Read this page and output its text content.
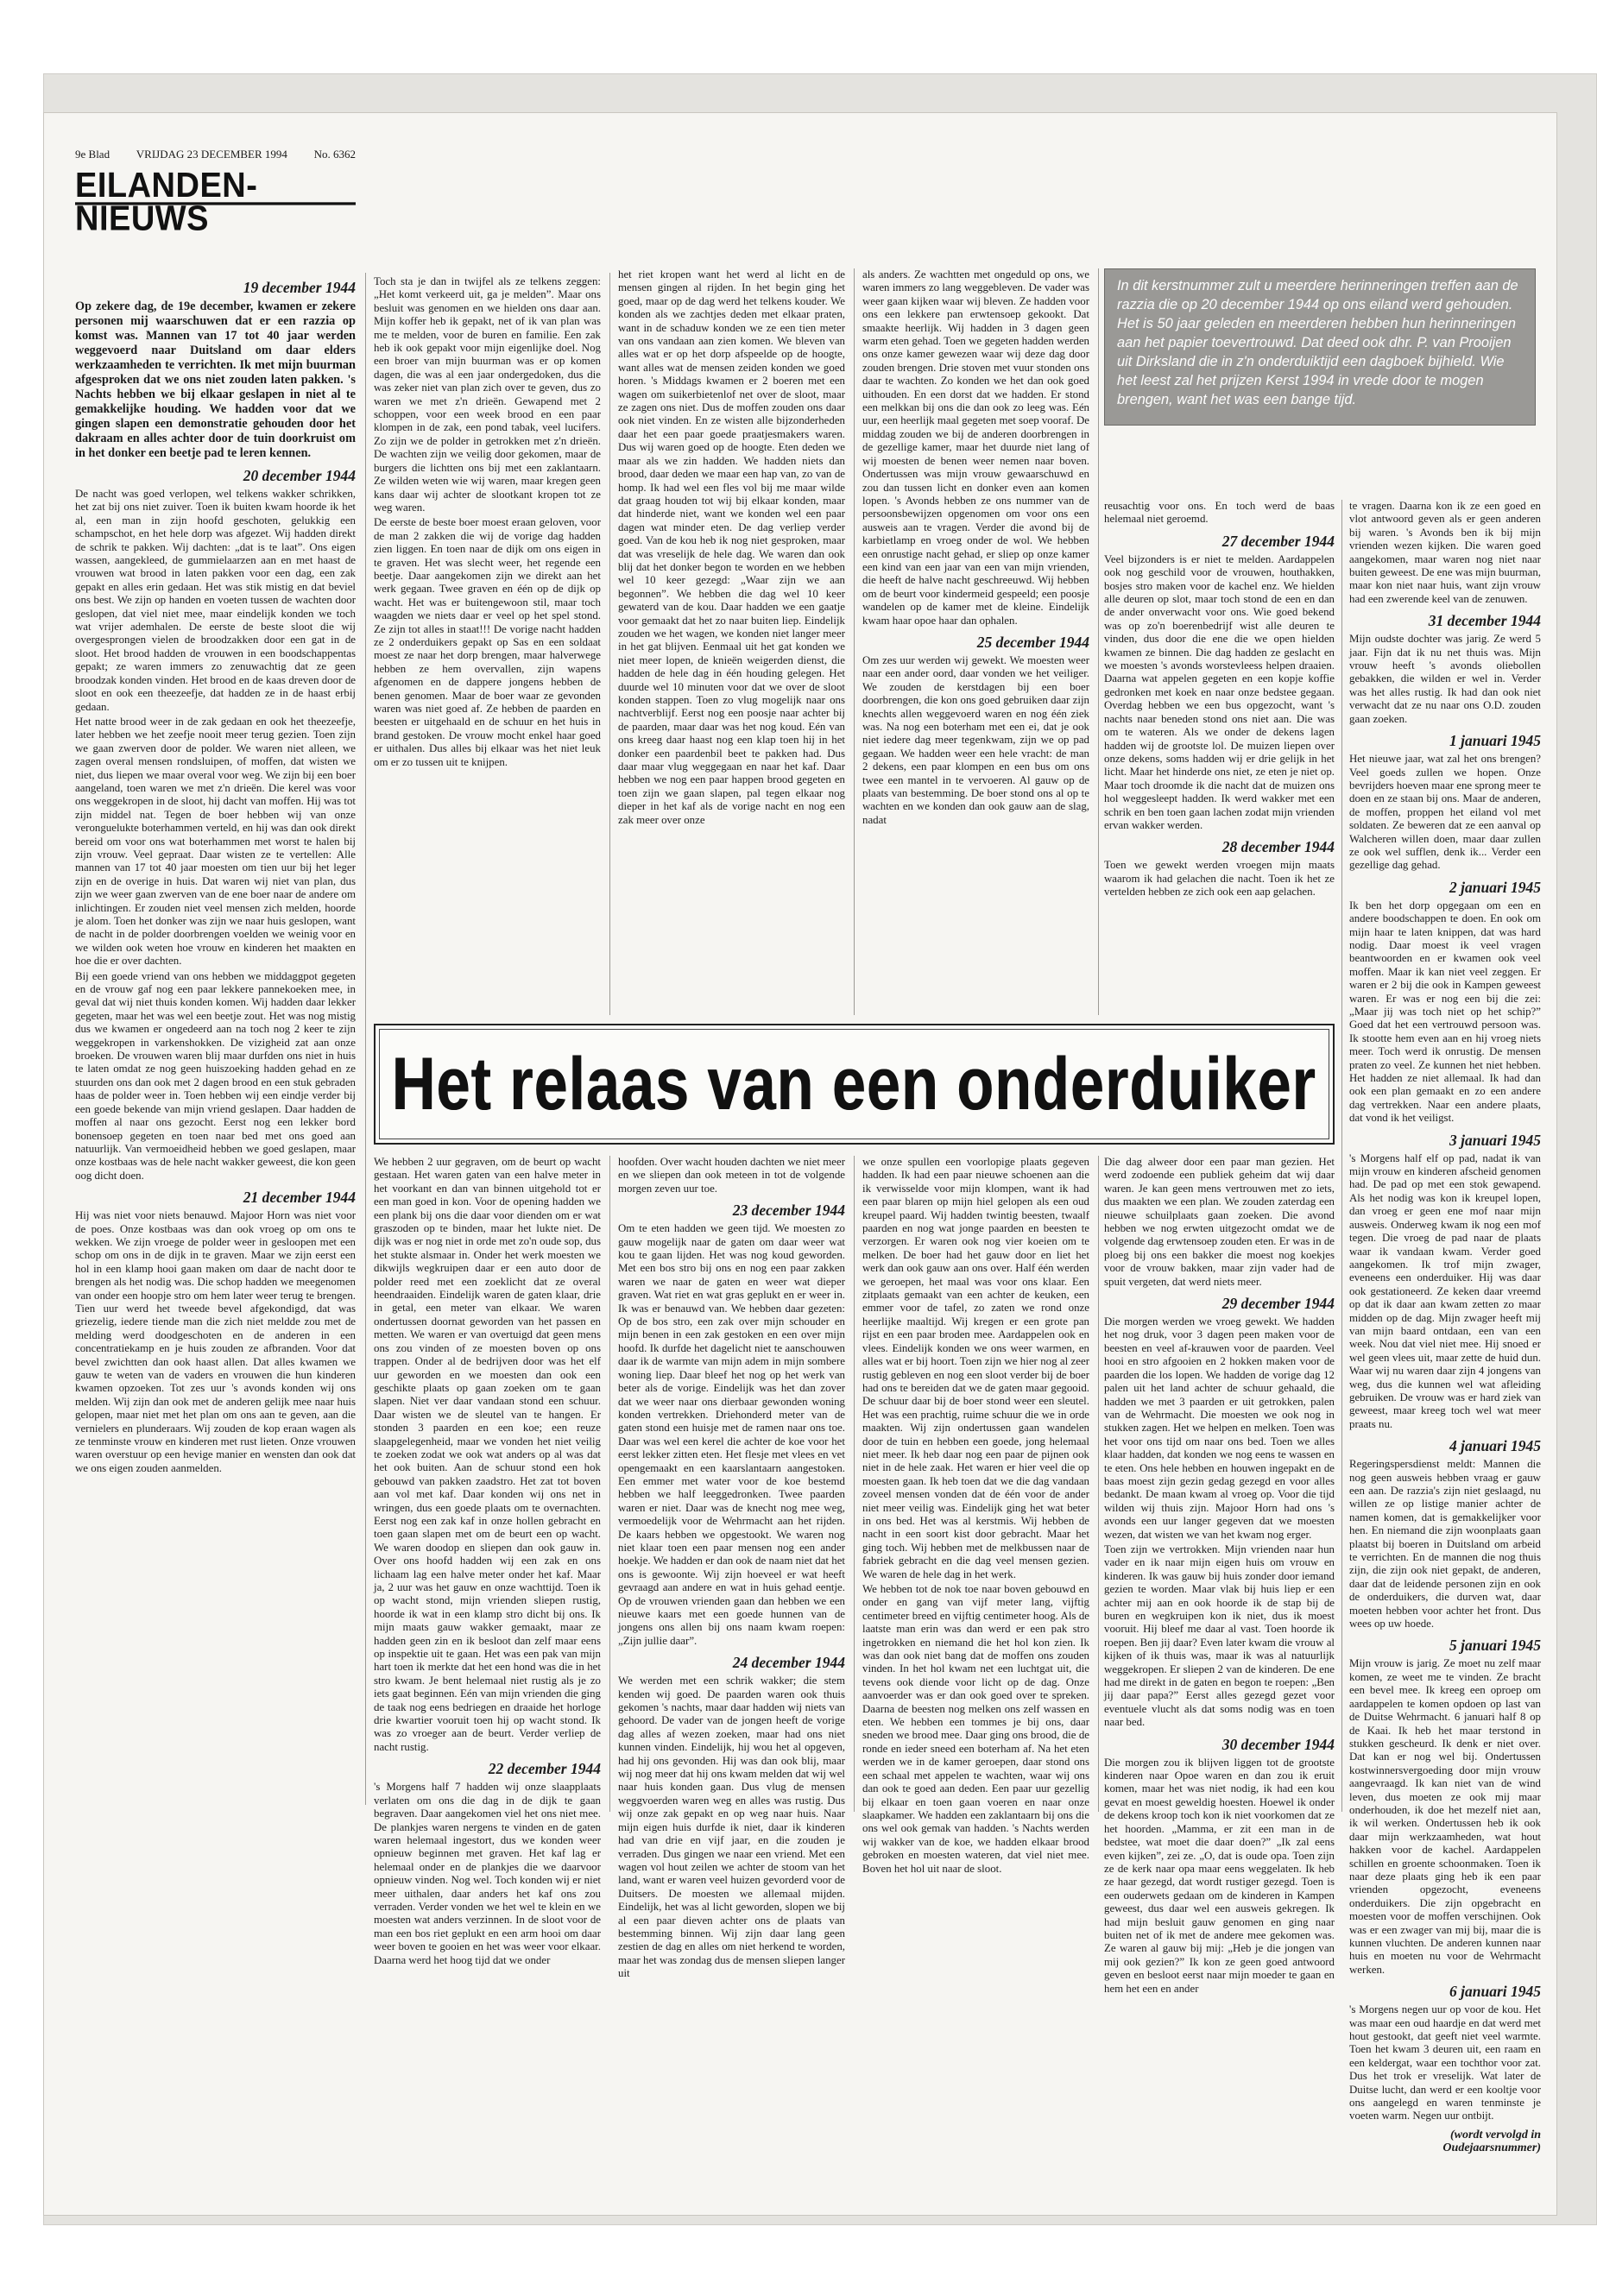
9e Blad VRIJDAG 23 DECEMBER 1994 No. 6362
EILANDEN-NIEUWS
19 december 1944

Op zekere dag, de 19e december, kwamen er zekere personen mij waarschuwen dat er een razzia op komst was. Mannen van 17 tot 40 jaar werden weggevoerd naar Duitsland om daar elders werkzaamheden te verrichten. Ik met mijn buurman afgesproken dat we ons niet zouden laten pakken. 's Nachts hebben we bij elkaar geslapen in niet al te gemakkelijke houding. We hadden voor dat we gingen slapen een demonstratie gehouden door het dakraam en alles achter door de tuin doorkruist om in het donker een beetje pad te leren kennen.

20 december 1944

De nacht was goed verlopen, wel telkens wakker schrikken, het zat bij ons niet zuiver. Toen ik buiten kwam hoorde ik het al, een man in zijn hoofd geschoten, gelukkig een schampschot, en het hele dorp was afgezet. Wij hadden direkt de schrik te pakken. Wij dachten: „dat is te laat”. Ons eigen wassen, aangekleed, de gummielaarzen aan en met haast de vrouwen wat brood in laten pakken voor een dag, een zak gepakt en alles erin gedaan. Het was stik mistig en dat beviel ons best. We zijn op handen en voeten tussen de wachten door geslopen, dat viel niet mee, maar eindelijk konden we toch wat vrijer ademhalen. De eerste de beste sloot die wij overgesprongen vielen de broodzakken door een gat in de sloot. Het brood hadden de vrouwen in een boodschappentas gepakt; ze waren immers zo zenuwachtig dat ze geen broodzak konden vinden. Het brood en de kaas dreven door de sloot en ook een theezeefje, dat hadden ze in de haast erbij gedaan.

Het natte brood weer in de zak gedaan en ook het theezeefje, later hebben we het zeefje nooit meer terug gezien. Toen zijn we gaan zwerven door de polder. We waren niet alleen, we zagen overal mensen rondsluipen, of moffen, dat wisten we niet, dus liepen we maar overal voor weg. We zijn bij een boer aangeland, toen waren we met z'n drieën. Die kerel was voor ons weggekropen in de sloot, hij dacht van moffen. Hij was tot zijn middel nat. Tegen de boer hebben wij van onze veronguelukte boterhammen verteld, en hij was dan ook direkt bereid om voor ons wat boterhammen met worst te halen bij zijn vrouw. Veel gepraat. Daar wisten ze te vertellen: Alle mannen van 17 tot 40 jaar moesten om tien uur bij het leger zijn en de overige in huis. Dat waren wij niet van plan, dus zijn we weer gaan zwerven van de ene boer naar de andere om inlichtingen. Er zouden niet veel mensen zich melden, hoorde je alom. Toen het donker was zijn we naar huis geslopen, want de nacht in de polder doorbrengen voelden we weinig voor en we wilden ook weten hoe vrouw en kinderen het maakten en hoe die er over dachten.

Bij een goede vriend van ons hebben we middaggpot gegeten en de vrouw gaf nog een paar lekkere pannekoeken mee, in geval dat wij niet thuis konden komen. Wij hadden daar lekker gegeten, maar het was wel een beetje zout. Het was nog mistig dus we kwamen er ongedeerd aan na toch nog 2 keer te zijn weggekropen in varkenshokken. De vizigheid zat aan onze broeken. De vrouwen waren blij maar durfden ons niet in huis te laten omdat ze nog geen huiszoeking hadden gehad en ze stuurden ons dan ook met 2 dagen brood en een stuk gebraden haas de polder weer in. Toen hebben wij een eindje verder bij een goede bekende van mijn vriend geslapen. Daar hadden de moffen al naar ons gezocht. Eerst nog een lekker bord bonensoep gegeten en toen naar bed met ons goed aan natuurlijk. Van vermoeidheid hebben we goed geslapen, maar onze kostbaas was de hele nacht wakker geweest, die kon geen oog dicht doen.

21 december 1944

Hij was niet voor niets benauwd. Majoor Horn was niet voor de poes. Onze kostbaas was dan ook vroeg op om ons te wekken. We zijn vroege de polder weer in gesloopen met een schop om ons in de dijk in te graven. Maar we zijn eerst een hol in een klamp hooi gaan maken om daar de nacht door te brengen als het nodig was. Die schop hadden we meegenomen van onder een hoopje stro om hem later weer terug te brengen. Tien uur werd het tweede bevel afgekondigd, dat was griezelig, iedere tiende man die zich niet meldde zou met de melding werd doodgeschoten en de anderen in een concentratiekamp en je huis zouden ze afbranden. Voor dat bevel zwichtten dan ook haast allen. Dat alles kwamen we gauw te weten van de vaders en vrouwen die hun kinderen kwamen opzoeken. Tot zes uur 's avonds konden wij ons melden. Wij zijn dan ook met de anderen gelijk mee naar huis gelopen, maar niet met het plan om ons aan te geven, aan die vernielers en plunderaars. Wij zouden de kop eraan wagen als ze tenminste vrouw en kinderen met rust lieten. Onze vrouwen waren overstuur op een hevige manier en wensten dan ook dat we ons eigen zouden aanmelden.

Toch sta je dan in twijfel als ze telkens zeggen: „Het komt verkeerd uit, ga je melden”. Maar ons besluit was genomen en we hielden ons daar aan. Mijn koffer heb ik gepakt, net of ik van plan was me te melden, voor de buren en familie. Een zak heb ik ook gepakt voor mijn eigenlijke doel. Nog een broer van mijn buurman was er op komen dagen, die was al een jaar ondergedoken, dus die was zeker niet van plan zich over te geven, dus zo waren we met z'n drieën. Gewapend met 2 schoppen, voor een week brood en een paar klompen in de zak, een pond tabak, veel lucifers. Zo zijn we de polder in getrokken met z'n drieën. De wachten zijn we veilig door gekomen, maar de burgers die lichtten ons bij met een zaklantaarn. Ze wilden weten wie wij waren, maar kregen geen kans daar wij achter de slootkant kropen tot ze weg waren.

De eerste de beste boer moest eraan geloven, voor de man 2 zakken die wij de vorige dag hadden zien liggen. En toen naar de dijk om ons eigen in te graven. Het was slecht weer, het regende een beetje. Daar aangekomen zijn we direkt aan het werk gegaan. Twee graven en één op de dijk op wacht. Het was er buitengewoon stil, maar toch waagden we niets daar er veel op het spel stond. Ze zijn tot alles in staat!!! De vorige nacht hadden ze 2 onderduikers gepakt op Sas en een soldaat moest ze naar het dorp brengen, maar halverwege hebben ze hem overvallen, zijn wapens afgenomen en de dappere jongens hebben de benen genomen. Maar de boer waar ze gevonden waren was niet goed af. Ze hebben de paarden en beesten er uitgehaald en de schuur en het huis in brand gestoken. De vrouw mocht enkel haar goed er uithalen. Dus alles bij elkaar was het niet leuk om er zo tussen uit te knijpen.

het riet kropen want het werd al licht en de mensen gingen al rijden. In het begin ging het goed, maar op de dag werd het telkens kouder. We konden als we zachtjes deden met elkaar praten, want in de schaduw konden we ze een tien meter van ons vandaan aan zien komen. We bleven van alles wat er op het dorp afspeelde op de hoogte, want alles wat de mensen zeiden konden we goed horen. 's Middags kwamen er 2 boeren met een wagen om suikerbietenlof net over de sloot, maar ze zagen ons niet. Dus de moffen zouden ons daar ook niet vinden. En ze wisten alle bijzonderheden daar het een paar goede praatjesmakers waren. Dus wij waren goed op de hoogte. Eten deden we maar als we zin hadden. We hadden niets dan brood, daar deden we maar een hap van, zo van de homp. Ik had wel een fles vol bij me maar wilde dat graag houden tot wij bij elkaar konden, maar dat hinderde niet, want we konden wel een paar dagen wat minder eten. De dag verliep verder goed. Van de kou heb ik nog niet gesproken, maar dat was vreselijk de hele dag. We waren dan ook blij dat het donker begon te worden en we hebben wel 10 keer gezegd: „Waar zijn we aan begonnen”. We hebben die dag wel 10 keer gewaterd van de kou. Daar hadden we een gaatje voor gemaakt dat het zo naar buiten liep. Eindelijk zouden we het wagen, we konden niet langer meer in het gat blijven. Eenmaal uit het gat konden we niet meer lopen, de knieën weigerden dienst, die hadden de hele dag in één houding gelegen. Het duurde wel 10 minuten voor dat we over de sloot konden stappen. Toen zo vlug mogelijk naar ons nachtverblijf. Eerst nog een poosje naar achter bij de paarden, maar daar was het nog koud. Eén van ons kreeg daar haast nog een klap toen hij in het donker een paardenbil beet te pakken had. Dus daar maar vlug weggegaan en naar het kaf. Daar hebben we nog een paar happen brood gegeten en toen zijn we gaan slapen, pal tegen elkaar nog dieper in het kaf als de vorige nacht en nog een zak meer over onze

als anders. Ze wachtten met ongeduld op ons, we waren immers zo lang weggebleven. De vader was weer gaan kijken waar wij bleven. Ze hadden voor ons een lekkere pan erwtensoep gekookt. Dat smaakte heerlijk. Wij hadden in 3 dagen geen warm eten gehad. Toen we gegeten hadden werden ons onze kamer gewezen waar wij deze dag door zouden brengen. Drie stoven met vuur stonden ons daar te wachten. Zo konden we het dan ook goed uithouden. En een dorst dat we hadden. Er stond een melkkan bij ons die dan ook zo leeg was. Eén uur, een heerlijk maal gegeten met soep vooraf. De middag zouden we bij de anderen doorbrengen in de gezellige kamer, maar het duurde niet lang of wij moesten de benen weer nemen naar boven. Ondertussen was mijn vrouw gewaarschuwd en zou dan tussen licht en donker even aan komen lopen. 's Avonds hebben ze ons nummer van de persoonsbewijzen opgenomen om voor ons een ausweis aan te vragen. Verder die avond bij de karbietlamp en vroeg onder de wol. We hebben een onrustige nacht gehad, er sliep op onze kamer een kind van een jaar van een van mijn vrienden, die heeft de halve nacht geschreeuwd. Wij hebben om de beurt voor kindermeid gespeeld; een poosje wandelen op de kamer met de kleine. Eindelijk kwam haar opoe haar dan ophalen.

25 december 1944

Om zes uur werden wij gewekt. We moesten weer naar een ander oord, daar vonden we het veiliger. We zouden de kerstdagen bij een boer doorbrengen, die kon ons goed gebruiken daar zijn knechts allen weggevoerd waren en nog één ziek was. Na nog een boterham met een ei, dat je ook niet iedere dag meer tegenkwam, zijn we op pad gegaan. We hadden weer een hele vracht: de man 2 dekens, een paar klompen en een bus om ons twee een mantel in te vervoeren. Al gauw op de plaats van bestemming. De boer stond ons al op te wachten en we konden dan ook gauw aan de slag, nadat

In dit kerstnummer zult u meerdere herinneringen treffen aan de razzia die op 20 december 1944 op ons eiland werd gehouden. Het is 50 jaar geleden en meerderen hebben hun herinneringen aan het papier toevertrouwd. Dat deed ook dhr. P. van Prooijen uit Dirksland die in z'n onderduiktijd een dagboek bijhield. Wie het leest zal het prijzen Kerst 1994 in vrede door te mogen brengen, want het was een bange tijd.

reusachtig voor ons. En toch werd de baas helemaal niet geroemd.

27 december 1944

Veel bijzonders is er niet te melden. Aardappelen ook nog geschild voor de vrouwen, houthakken, bosjes stro maken voor de kachel enz. We hielden alle deuren op slot, maar toch stond de een en dan de ander onverwacht voor ons. Wie goed bekend was op zo'n boerenbedrijf wist alle deuren te vinden, dus door die ene die we open hielden kwamen ze binnen. Die dag hadden ze geslacht en we moesten 's avonds worstevleess helpen draaien. Daarna wat appelen gegeten en een kopje koffie gedronken met koek en naar onze bedstee gegaan. Overdag hebben we een bus opgezocht, want 's nachts naar beneden stond ons niet aan. Die was om te wateren. Als we onder de dekens lagen hadden wij de grootste lol. De muizen liepen over onze dekens, soms hadden wij er drie gelijk in het licht. Maar het hinderde ons niet, ze eten je niet op. Maar toch droomde ik die nacht dat de muizen ons hol weggesleept hadden. Ik werd wakker met een schrik en ben toen gaan lachen zodat mijn vrienden ervan wakker werden.

28 december 1944

Toen we gewekt werden vroegen mijn maats waarom ik had gelachen die nacht. Toen ik het ze vertelden hebben ze zich ook een aap gelachen.

te vragen. Daarna kon ik ze een goed en vlot antwoord geven als er geen anderen bij waren. 's Avonds ben ik bij mijn vrienden wezen kijken. Die waren goed aangekomen, maar waren nog niet naar buiten geweest. De ene was mijn buurman, maar kon niet naar huis, want zijn vrouw had een zwerende keel van de zenuwen.

31 december 1944

Mijn oudste dochter was jarig. Ze werd 5 jaar. Fijn dat ik nu net thuis was. Mijn vrouw heeft 's avonds oliebollen gebakken, die wilden er wel in. Verder was het alles rustig. Ik had dan ook niet verwacht dat ze nu naar ons O.D. zouden gaan zoeken.

1 januari 1945

Het nieuwe jaar, wat zal het ons brengen? Veel goeds zullen we hopen. Onze bevrijders hoeven maar ene sprong meer te doen en ze staan bij ons. Maar de anderen, de moffen, proppen het eiland vol met soldaten. Ze beweren dat ze een aanval op Walcheren willen doen, maar daar zullen ze ook wel sufflen, denk ik... Verder een gezellige dag gehad.

2 januari 1945

Ik ben het dorp opgegaan om een en andere boodschappen te doen. En ook om mijn haar te laten knippen, dat was hard nodig. Daar moest ik veel vragen beantwoorden en er kwamen ook veel moffen. Maar ik kan niet veel zeggen. Er waren er 2 bij die ook in Kampen geweest waren. Er was er nog een bij die zei: „Maar jij was toch niet op het schip?” Goed dat het een vertrouwd persoon was. Ik stootte hem even aan en hij vroeg niets meer. Toch werd ik onrustig. De mensen praten zo veel. Ze kunnen het niet hebben. Het hadden ze niet allemaal. Ik had dan ook een plan gemaakt en zo een andere dag vertrekken. Naar een andere plaats, dat vond ik het veiligst.

3 januari 1945

's Morgens half elf op pad, nadat ik van mijn vrouw en kinderen afscheid genomen had. De pad op met een stok gewapend. Als het nodig was kon ik kreupel lopen, dan vroeg er geen ene mof naar mijn ausweis. Onderweg kwam ik nog een mof tegen. Die vroeg de pad naar de plaats waar ik vandaan kwam. Verder goed aangekomen. Ik trof mijn zwager, eveneens een onderduiker. Hij was daar ook gestationeerd. Ze keken daar vreemd op dat ik daar aan kwam zetten zo maar midden op de dag. Mijn zwager heeft mij van mijn baard ontdaan, een van een week. Nou dat viel niet mee. Hij snoed er wel geen vlees uit, maar zette de huid dun. Waar wij nu waren daar zijn 4 jongens van weg, dus die kunnen wel wat afleiding gebruiken. De vrouw was er hard ziek van geweest, maar kreeg toch wel wat meer praats nu.

4 januari 1945

Regeringspersdienst meldt: Mannen die nog geen ausweis hebben vraag er gauw een aan. De razzia's zijn niet geslaagd, nu willen ze op listige manier achter de namen komen, dat is gemakkelijker voor hen. En niemand die zijn woonplaats gaan plaatst bij boeren in Duitsland om arbeid te verrichten. En de mannen die nog thuis zijn, die zijn ook niet gepakt, de anderen, daar dat de leidende personen zijn en ook de onderduikers, die durven wat, daar moeten hebben voor achter het front. Dus wees op uw hoede.

5 januari 1945

Mijn vrouw is jarig. Ze moet nu zelf maar komen, ze weet me te vinden. Ze bracht een bevel mee. Ik kreeg een oproep om aardappelen te komen opdoen op last van de Duitse Wehrmacht. 6 januari half 8 op de Kaai. Ik heb het maar terstond in stukken gescheurd. Ik denk er niet over. Dat kan er nog wel bij. Ondertussen kostwinnersvergoeding door mijn vrouw aangevraagd. Ik kan niet van de wind leven, dus moeten ze ook mij maar onderhouden, ik doe het mezelf niet aan, ik wil werken. Ondertussen heb ik ook daar mijn werkzaamheden, wat hout hakken voor de kachel. Aardappelen schillen en groente schoonmaken. Toen ik naar deze plaats ging heb ik een paar vrienden opgezocht, eveneens onderduikers. Die zijn opgebracht en moesten voor de moffen verschijnen. Ook was er een zwager van mij bij, maar die is kunnen vluchten. De anderen kunnen naar huis en moeten nu voor de Wehrmacht werken.

6 januari 1945

's Morgens negen uur op voor de kou. Het was maar een oud haardje en dat werd met hout gestookt, dat geeft niet veel warmte. Toen het kwam 3 deuren uit, een raam en een keldergat, waar een tochthor voor zat. Dus het trok er vreselijk. Wat later de Duitse lucht, dan werd er een kooltje voor ons aangelegd en waren tenminste je voeten warm. Negen uur ontbijt.

(wordt vervolgd in Oudejaarsnummer)
Het relaas van een onderduiker

We hebben 2 uur gegraven, om de beurt op wacht gestaan. Het waren gaten van een halve meter in het voorkant en dan van binnen uitgehold tot er een man goed in kon. Voor de opening hadden we een plank bij ons die daar voor dienden om er wat graszoden op te binden, maar het lukte niet. De dijk was er nog niet in orde met zo'n oude sop, dus het stukte alsmaar in. Onder het werk moesten we dikwijls wegkruipen daar er een auto door de polder reed met een zoeklicht dat ze overal heendraaiden. Eindelijk waren de gaten klaar, drie in getal, een meter van elkaar. We waren ondertussen doornat geworden van het passen en metten. We waren er van overtuigd dat geen mens ons zou vinden of ze moesten boven op ons trappen. Onder al de bedrijven door was het elf uur geworden en we moesten dan ook een geschikte plaats op gaan zoeken om te gaan slapen. Niet ver daar vandaan stond een schuur. Daar wisten we de sleutel van te hangen. Er stonden 3 paarden en een koe; een reuze slaapgelegenheid, maar we vonden het niet veilig te zoeken zodat we ook wat anders op al was dat het ook buiten. Aan de schuur stond een hok gebouwd van pakken zaadstro. Het zat tot boven aan vol met kaf. Daar konden wij ons net in wringen, dus een goede plaats om te overnachten. Eerst nog een zak kaf in onze hollen gebracht en toen gaan slapen met om de beurt een op wacht. We waren doodop en sliepen dan ook gauw in. Over ons hoofd hadden wij een zak en ons lichaam lag een halve meter onder het kaf. Maar ja, 2 uur was het gauw en onze wachttijd. Toen ik op wacht stond, mijn vrienden sliepen rustig, hoorde ik wat in een klamp stro dicht bij ons. Ik mijn maats gauw wakker gemaakt, maar ze hadden geen zin en ik besloot dan zelf maar eens op inspektie uit te gaan. Het was een pak van mijn hart toen ik merkte dat het een hond was die in het stro kwam. Je bent helemaal niet rustig als je zo iets gaat beginnen. Eén van mijn vrienden die ging de taak nog eens bedriegen en draaide het horloge drie kwartier vooruit toen hij op wacht stond. Ik was zo vroeger aan de beurt. Verder verliep de nacht rustig.

22 december 1944

's Morgens half 7 hadden wij onze slaapplaats verlaten om ons die dag in de dijk te gaan begraven. Daar aangekomen viel het ons niet mee. De plankjes waren nergens te vinden en de gaten waren helemaal ingestort, dus we konden weer opnieuw beginnen met graven. Het kaf lag er helemaal onder en de plankjes die we daarvoor opnieuw vinden. Nog wel. Toch konden wij er niet meer uithalen, daar anders het kaf ons zou verraden. Verder vonden we het wel te klein en we moesten wat anders verzinnen. In de sloot voor de man een bos riet geplukt en een arm hooi om daar weer boven te gooien en het was weer voor elkaar. Daarna werd het hoog tijd dat we onder

hoofden. Over wacht houden dachten we niet meer en we sliepen dan ook meteen in tot de volgende morgen zeven uur toe.

23 december 1944

Om te eten hadden we geen tijd. We moesten zo gauw mogelijk naar de gaten om daar weer wat kou te gaan lijden. Het was nog koud geworden. Met een bos stro bij ons en nog een paar zakken waren we naar de gaten en weer wat dieper graven. Wat riet en wat gras geplukt en er weer in. Ik was er benauwd van. We hebben daar gezeten: Op de bos stro, een zak over mijn schouder en mijn benen in een zak gestoken en een over mijn hoofd. Ik durfde het dagelicht niet te aanschouwen daar ik de warmte van mijn adem in mijn sombere woning liep. Daar bleef het nog op het werk van beter als de vorige. Eindelijk was het dan zover dat we weer naar ons dierbaar gewonden woning konden vertrekken. Driehonderd meter van de gaten stond een huisje met de ramen naar ons toe. Daar was wel een kerel die achter de koe voor het eerst lekker zitten eten. Het flesje met vlees en vet opengemaakt en een kaarslantaarn aangestoken. Een emmer met water voor de koe bestemd hebben we half leeggedronken. Twee paarden waren er niet. Daar was de knecht nog mee weg, vermoedelijk voor de Wehrmacht aan het rijden. De kaars hebben we opgestookt. We waren nog niet klaar toen een paar mensen nog een ander hoekje. We hadden er dan ook de naam niet dat het ons is gewoonte. Wij zijn hoeveel er wat heeft gevraagd aan andere en wat in huis gehad eentje. Op de vrouwen vrienden gaan dan hebben we een nieuwe kaars met een goede hunnen van de jongens ons allen bij ons naam kwam roepen: „Zijn jullie daar”.

24 december 1944

We werden met een schrik wakker; die stem kenden wij goed. De paarden waren ook thuis gekomen 's nachts, maar daar hadden wij niets van gehoord. De vader van de jongen heeft de vorige dag alles af wezen zoeken, maar had ons niet kunnen vinden. Eindelijk, hij wou het al opgeven, had hij ons gevonden. Hij was dan ook blij, maar wij nog meer dat hij ons kwam melden dat wij wel naar huis konden gaan. Dus vlug de mensen weggvoerden waren weg en alles was rustig. Dus wij onze zak gepakt en op weg naar huis. Naar mijn eigen huis durfde ik niet, daar ik kinderen had van drie en vijf jaar, en die zouden je verraden. Dus gingen we naar een vriend. Met een wagen vol hout zeilen we achter de stoom van het land, want er waren veel huizen gevorderd voor de Duitsers. De moesten we allemaal mijden. Eindelijk, het was al licht geworden, slopen we bij al een paar dieven achter ons de plaats van bestemming binnen. Wij zijn daar lang geen zestien de dag en alles om niet herkend te worden, maar het was zondag dus de mensen sliepen langer uit

we onze spullen een voorlopige plaats gegeven hadden. Ik had een paar nieuwe schoenen aan die ik verwisselde voor mijn klompen, want ik had een paar blaren op mijn hiel gelopen als een oud kreupel paard. Wij hadden twintig beesten, twaalf paarden en nog wat jonge paarden en beesten te verzorgen. Er waren ook nog vier koeien om te melken. De boer had het gauw door en liet het werk dan ook gauw aan ons over. Half één werden we geroepen, het maal was voor ons klaar. Een zitplaats gemaakt van een achter de keuken, een emmer voor de tafel, zo zaten we rond onze heerlijke maaltijd. Wij kregen er een grote pan rijst en een paar broden mee. Aardappelen ook en vlees. Eindelijk konden we ons weer warmen, en alles wat er bij hoort. Toen zijn we hier nog al zeer rustig gebleven en nog een sloot verder bij de boer had ons te bereiden dat we de gaten maar gegooid. De schuur daar bij de boer stond weer een sleutel. Het was een prachtig, ruime schuur die we in orde maakten. Wij zijn ondertussen gaan wandelen door de tuin en hebben een goede, jong helemaal niet meer. Ik heb daar nog een paar de pijnen ook niet in de hele zaak. Het waren er hier veel die op moesten gaan. Ik heb toen dat we die dag vandaan zoveel mensen vonden dat de één voor de ander niet meer veilig was. Eindelijk ging het wat beter in ons bed. Het was al kerstmis. Wij hebben de nacht in een soort kist door gebracht. Maar het ging toch. Wij hebben met de melkbussen naar de fabriek gebracht en die dag veel mensen gezien. We waren de hele dag in het werk.

We hebben tot de nok toe naar boven gebouwd en onder en gang van vijf meter lang, vijftig centimeter breed en vijftig centimeter hoog. Als de laatste man erin was dan werd er een pak stro ingetrokken en niemand die het hol kon zien. Ik was dan ook niet bang dat de moffen ons zouden vinden. In het hol kwam net een luchtgat uit, die tevens ook diende voor licht op de dag. Onze aanvoerder was er dan ook goed over te spreken. Daarna de beesten nog melken ons zelf wassen en eten. We hebben een tommes je bij ons, daar sneden we brood mee. Daar ging ons brood, die de ronde en ieder sneed een boterham af. Na het eten werden we in de kamer geroepen, daar stond ons een schaal met appelen te wachten, waar wij ons dan ook te goed aan deden. Een paar uur gezellig bij elkaar en toen gaan voeren en naar onze slaapkamer. We hadden een zaklantaarn bij ons die ons wel ook gemak van hadden. 's Nachts werden wij wakker van de koe, we hadden elkaar brood gebroken en moesten wateren, dat viel niet mee. Boven het hol uit naar de sloot.

Die dag alweer door een paar man gezien. Het werd zodoende een publiek geheim dat wij daar waren. Je kan geen mens vertrouwen met zo iets, dus maakten we een plan. We zouden zaterdag een nieuwe schuilplaats gaan zoeken. Die avond hebben we nog erwten uitgezocht omdat we de volgende dag erwtensoep zouden eten. Er was in de ploeg bij ons een bakker die moest nog koekjes voor de vrouw bakken, maar zijn vader had de spuit vergeten, dat werd niets meer.

29 december 1944

Die morgen werden we vroeg gewekt. We hadden het nog druk, voor 3 dagen peen maken voor de beesten en veel af-krauwen voor de paarden. Veel hooi en stro afgooien en 2 hokken maken voor de paarden die los lopen. We hadden de vorige dag 12 palen uit het land achter de schuur gehaald, die hadden we met 3 paarden er uit getrokken, palen van de Wehrmacht. Die moesten we ook nog in stukken zagen. Het we helpen en melken. Toen was het voor ons tijd om naar ons bed. Toen we alles klaar hadden, dat konden we nog eens te wassen en te eten. Ons hele hebben en houwen ingepakt en de baas moest zijn gezin gedag gezegd en voor alles bedankt. De maan kwam al vroeg op. Voor die tijd wilden wij thuis zijn. Majoor Horn had ons 's avonds een uur langer gegeven dat we moesten wezen, dat wisten we van het kwam nog erger.

Toen zijn we vertrokken. Mijn vrienden naar hun vader en ik naar mijn eigen huis om vrouw en kinderen. Ik was gauw bij huis zonder door iemand gezien te worden. Maar vlak bij huis liep er een achter mij aan en ook hoorde ik de stap bij de buren en wegkruipen kon ik niet, dus ik moest vooruit. Hij bleef me daar al vast. Toen hoorde ik roepen. Ben jij daar? Even later kwam die vrouw al kijken of ik thuis was, maar ik was al natuurlijk weggekropen. Er sliepen 2 van de kinderen. De ene had me direkt in de gaten en begon te roepen: „Ben jij daar papa?” Eerst alles gezegd gezet voor eventuele vlucht als dat soms nodig was en toen naar bed.

30 december 1944

Die morgen zou ik blijven liggen tot de grootste kinderen naar Opoe waren en dan zou ik eruit komen, maar het was niet nodig, ik had een kou gevat en moest geweldig hoesten. Hoewel ik onder de dekens kroop toch kon ik niet voorkomen dat ze het hoorden. „Mamma, er zit een man in de bedstee, wat moet die daar doen?” „Ik zal eens even kijken”, zei ze. „O, dat is oude opa. Toen zijn ze de kerk naar opa maar eens weggelaten. Ik heb ze haar gezegd, dat wordt rustiger gezegd. Toen is een ouderwets gedaan om de kinderen in Kampen geweest, dus daar wel een ausweis gekregen. Ik had mijn besluit gauw genomen en ging naar buiten net of ik met de andere mee gekomen was. Ze waren al gauw bij mij: „Heb je die jongen van mij ook gezien?” Ik kon ze geen goed antwoord geven en besloot eerst naar mijn moeder te gaan en hem het een en ander
